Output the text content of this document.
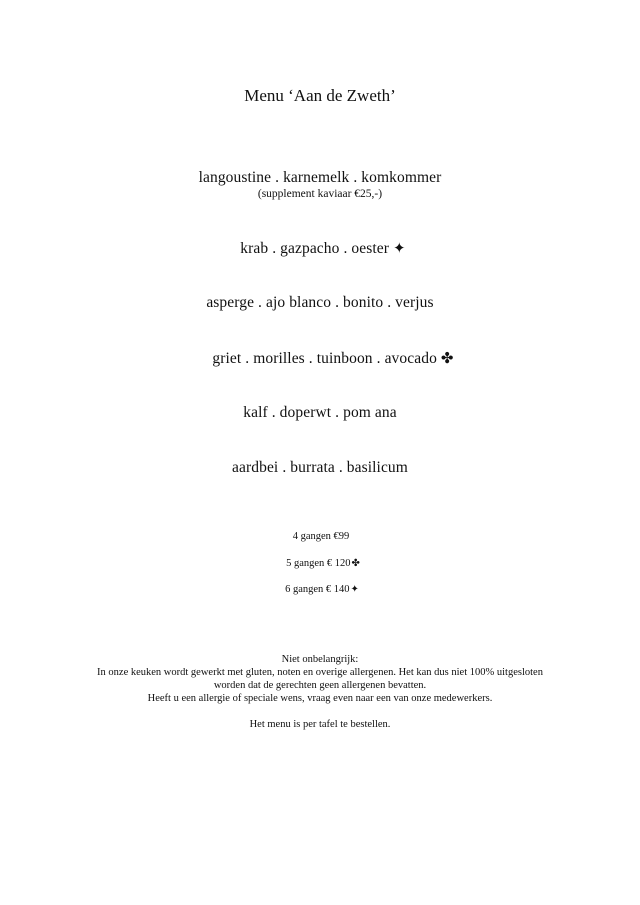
Menu ‘Aan de Zweth’
langoustine . karnemelk . komkommer
(supplement kaviaar €25,-)
krab . gazpacho . oester ✦
asperge . ajo blanco . bonito . verjus
griet . morilles . tuinboon . avocado ✤
kalf . doperwt . pom ana
aardbei . burrata . basilicum
4 gangen €99
5 gangen € 120✤
6 gangen € 140✦
Niet onbelangrijk:
In onze keuken wordt gewerkt met gluten, noten en overige allergenen. Het kan dus niet 100% uitgesloten
worden dat de gerechten geen allergenen bevatten.
Heeft u een allergie of speciale wens, vraag even naar een van onze medewerkers.
Het menu is per tafel te bestellen.
